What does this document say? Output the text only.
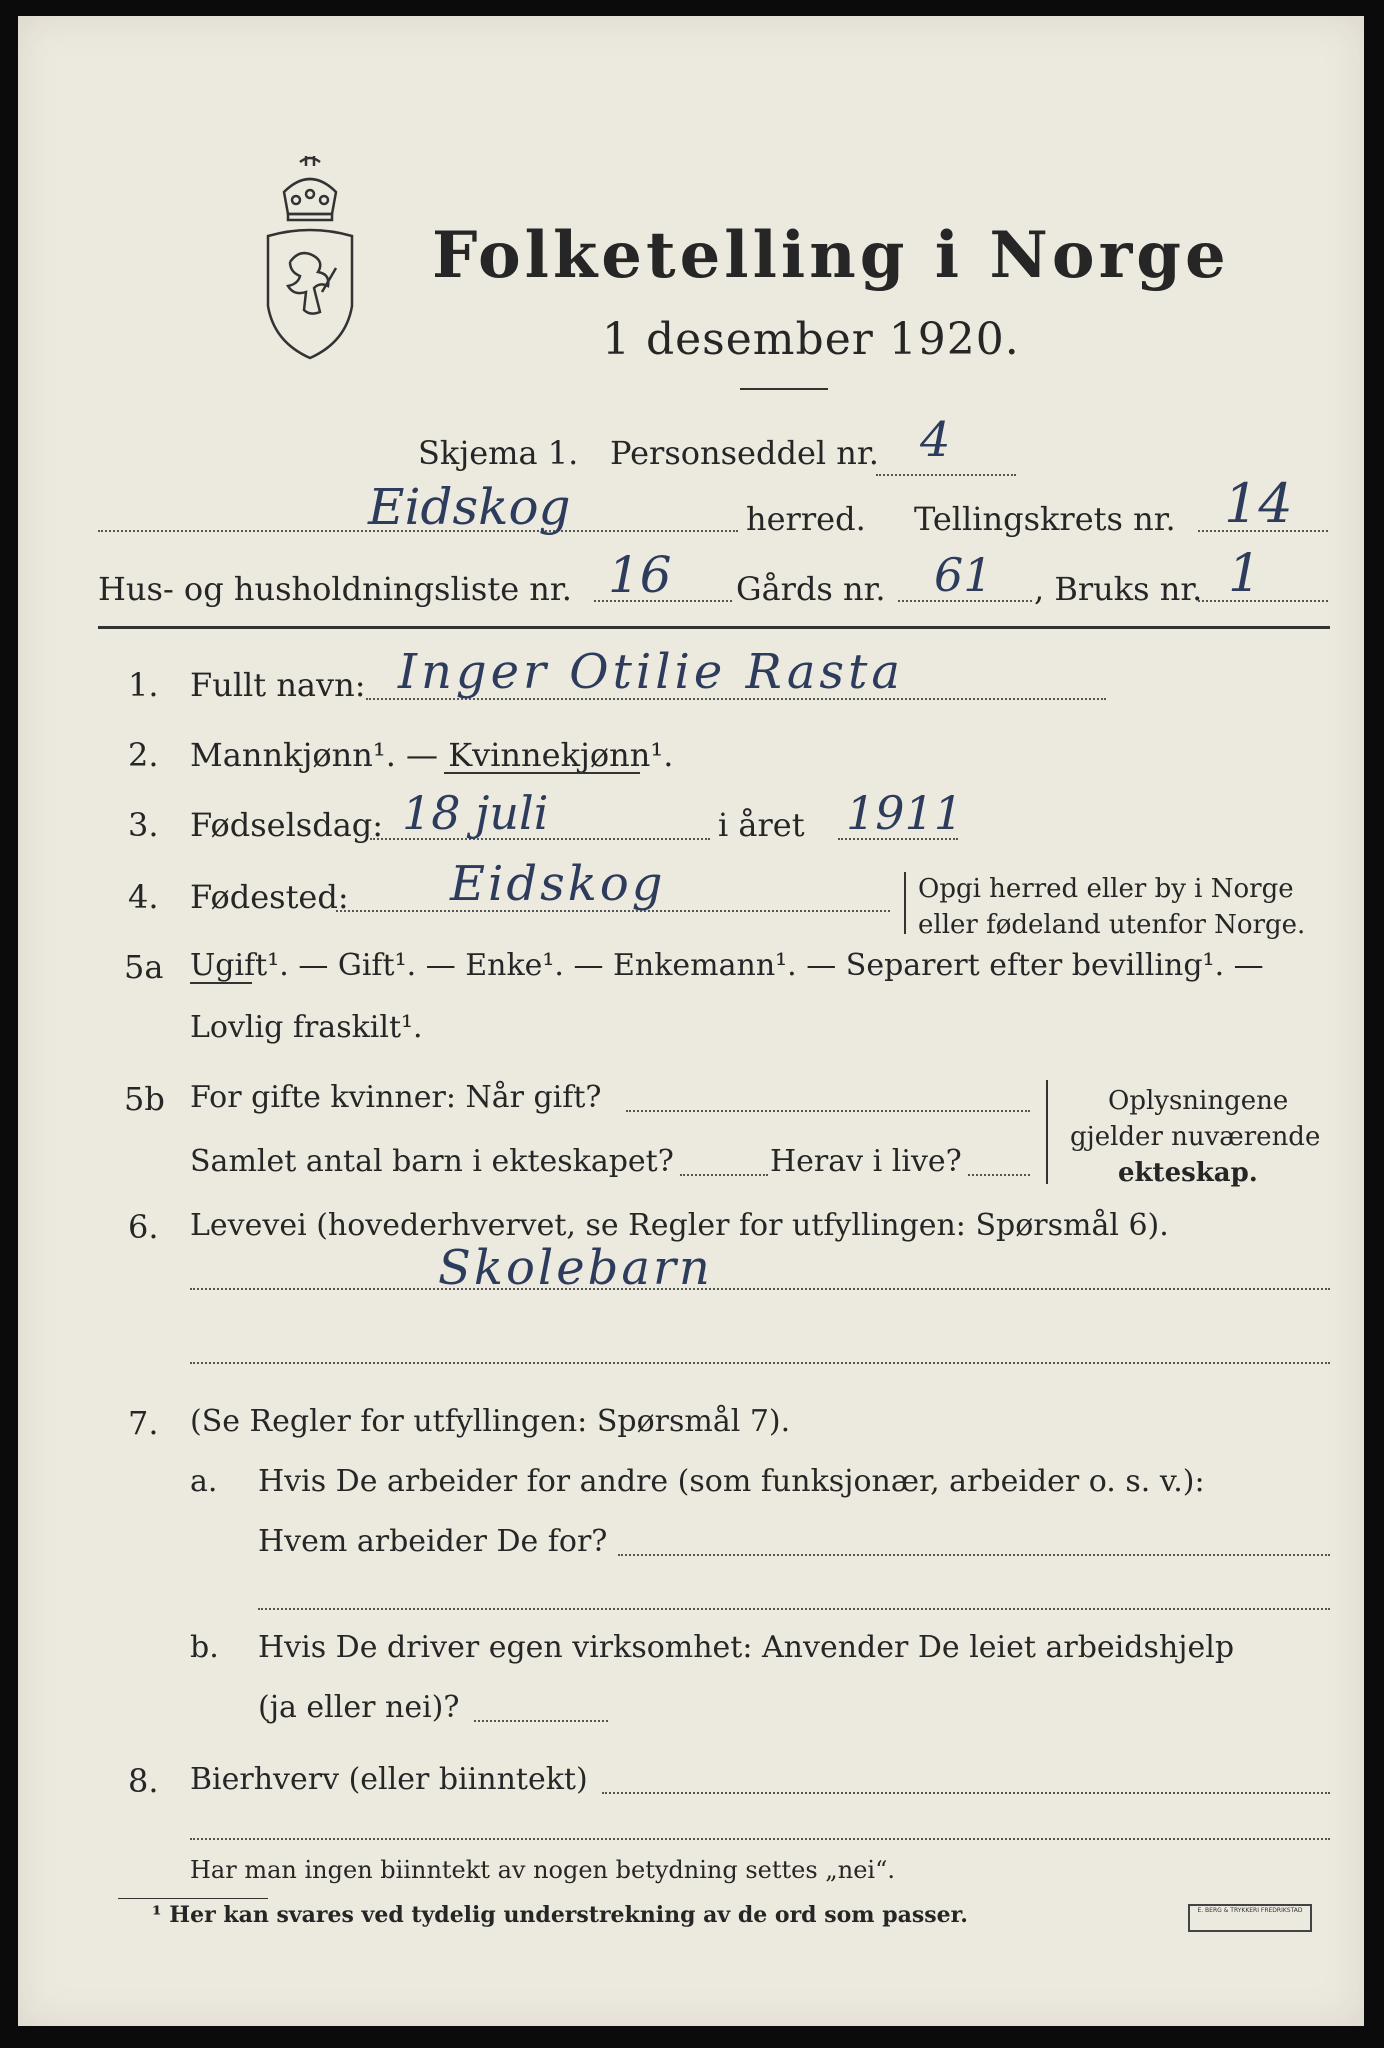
Folketelling i Norge
1 desember 1920.
Skjema 1. Personseddel nr. 4
Eidskog	herred. Tellingskrets nr. 14
Hus- og husholdningsliste nr. 16 Gårds nr. 61 , Bruks nr. 1
1. Fullt navn: Inger Otilie Rasta
2. Mannkjønn¹. — Kvinnekjønn¹.
3. Fødselsdag: 18 juli	i året 1911
4. Fødested: Eidskog	Opgi herred eller by i Norge
eller fødeland utenfor Norge.
5a Ugift¹. — Gift¹. — Enke¹. — Enkemann¹. — Separert efter bevilling¹. —
Lovlig fraskilt¹.
5b For gifte kvinner: Når gift?
Samlet antal barn i ekteskapet?	Herav i live?
Oplysningene
gjelder nuværende
ekteskap.
6. Levevei (hovederhvervet, se Regler for utfyllingen: Spørsmål 6).
Skolebarn
7. (Se Regler for utfyllingen: Spørsmål 7).
a. Hvis De arbeider for andre (som funksjonær, arbeider o. s. v.):
Hvem arbeider De for?
b. Hvis De driver egen virksomhet: Anvender De leiet arbeidshjelp
(ja eller nei)?
8. Bierhverv (eller biinntekt)
Har man ingen biinntekt av nogen betydning settes „nei“.
¹ Her kan svares ved tydelig understrekning av de ord som passer.	E. BERG & TRYKKERI FREDRIKSTAD
